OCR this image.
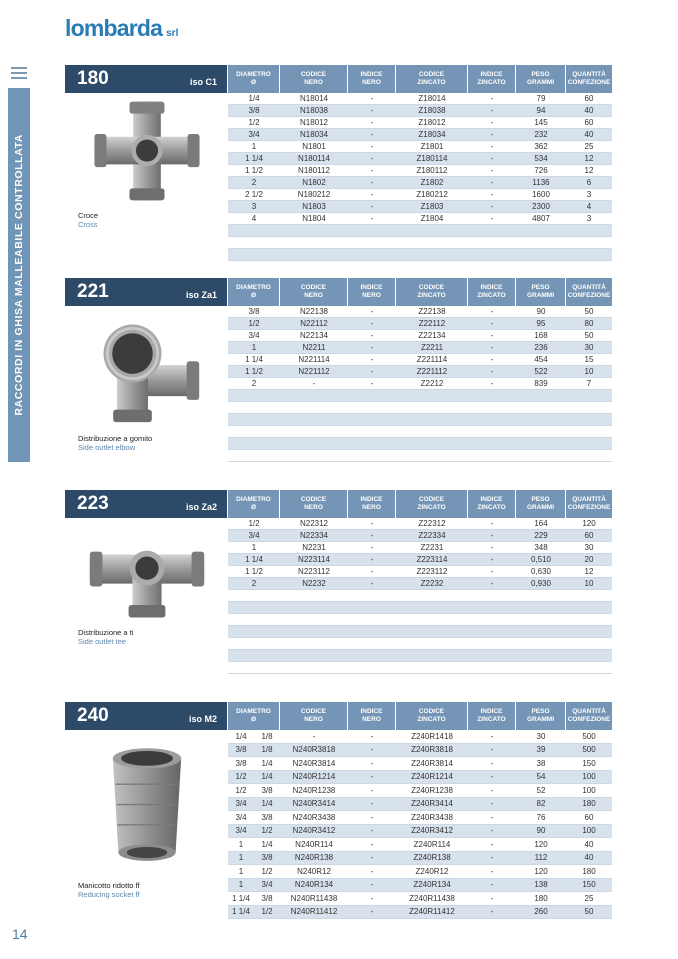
lombarda srl
RACCORDI IN GHISA MALLEABILE CONTROLLATA
14
180	iso C1
DIAMETRO
Ø
CODICE
NERO
INDICE
NERO
CODICE
ZINCATO
INDICE
ZINCATO
PESO
GRAMMI
QUANTITÀ
CONFEZIONE
Croce
Cross
1/4	N18014	-	Z18014	-	79	60
3/8	N18038	-	Z18038	-	94	40
1/2	N18012	-	Z18012	-	145	60
3/4	N18034	-	Z18034	-	232	40
1	N1801	-	Z1801	-	362	25
1 1/4	N180114	-	Z180114	-	534	12
1 1/2	N180112	-	Z180112	-	726	12
2	N1802	-	Z1802	-	1136	6
2 1/2	N180212	-	Z180212	-	1600	3
3	N1803	-	Z1803	-	2300	4
4	N1804	-	Z1804	-	4807	3
221	iso Za1
DIAMETRO
Ø
CODICE
NERO
INDICE
NERO
CODICE
ZINCATO
INDICE
ZINCATO
PESO
GRAMMI
QUANTITÀ
CONFEZIONE
Distribuzione a gomito
Side outlet elbow
3/8	N22138	-	Z22138	-	90	50
1/2	N22112	-	Z22112	-	95	80
3/4	N22134	-	Z22134	-	168	50
1	N2211	-	Z2211	-	236	30
1 1/4	N221114	-	Z221114	-	454	15
1 1/2	N221112	-	Z221112	-	522	10
2	-	-	Z2212	-	839	7
223	iso Za2
DIAMETRO
Ø
CODICE
NERO
INDICE
NERO
CODICE
ZINCATO
INDICE
ZINCATO
PESO
GRAMMI
QUANTITÀ
CONFEZIONE
Distribuzione a ti
Side outlet tee
1/2	N22312	-	Z22312	-	164	120
3/4	N22334	-	Z22334	-	229	60
1	N2231	-	Z2231	-	348	30
1 1/4	N223114	-	Z223114	-	0,510	20
1 1/2	N223112	-	Z223112	-	0,630	12
2	N2232	-	Z2232	-	0,930	10
240	iso M2
DIAMETRO
Ø
CODICE
NERO
INDICE
NERO
CODICE
ZINCATO
INDICE
ZINCATO
PESO
GRAMMI
QUANTITÀ
CONFEZIONE
Manicotto ridotto ff
Reducing socket ff
1/4	1/8	-	-	Z240R1418	-	30	500
3/8	1/8	N240R3818	-	Z240R3818	-	39	500
3/8	1/4	N240R3814	-	Z240R3814	-	38	150
1/2	1/4	N240R1214	-	Z240R1214	-	54	100
1/2	3/8	N240R1238	-	Z240R1238	-	52	100
3/4	1/4	N240R3414	-	Z240R3414	-	82	180
3/4	3/8	N240R3438	-	Z240R3438	-	76	60
3/4	1/2	N240R3412	-	Z240R3412	-	90	100
1	1/4	N240R114	-	Z240R114	-	120	40
1	3/8	N240R138	-	Z240R138	-	112	40
1	1/2	N240R12	-	Z240R12	-	120	180
1	3/4	N240R134	-	Z240R134	-	138	150
1 1/4	3/8	N240R11438	-	Z240R11438	-	180	25
1 1/4	1/2	N240R11412	-	Z240R11412	-	260	50
